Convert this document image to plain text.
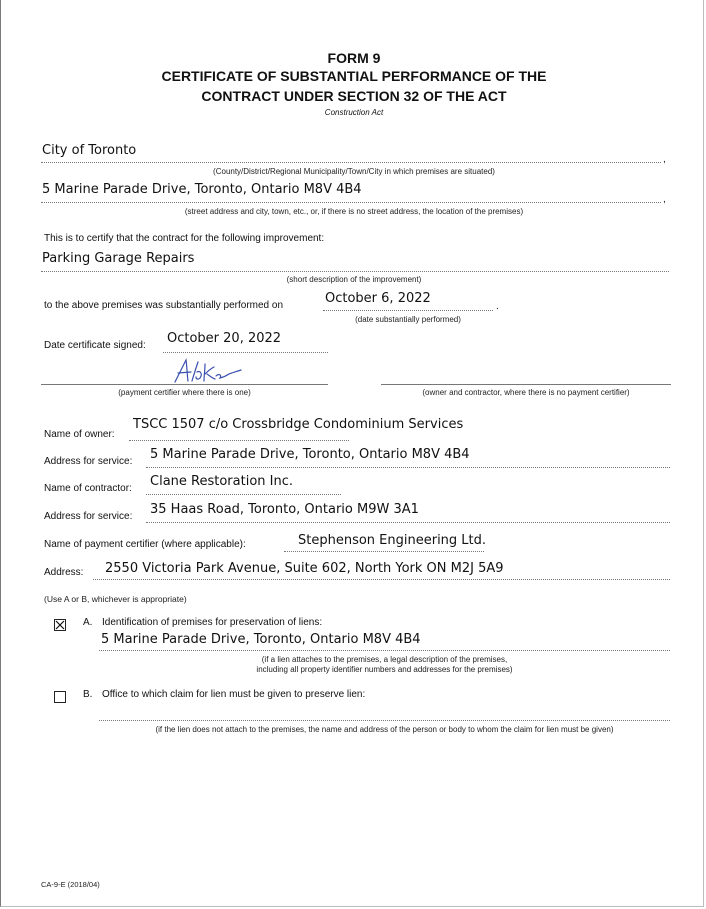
FORM 9
CERTIFICATE OF SUBSTANTIAL PERFORMANCE OF THE
CONTRACT UNDER SECTION 32 OF THE ACT
Construction Act
City of Toronto
,
(County/District/Regional Municipality/Town/City in which premises are situated)
5 Marine Parade Drive, Toronto, Ontario M8V 4B4
,
(street address and city, town, etc., or, if there is no street address, the location of the premises)
This is to certify that the contract for the following improvement:
Parking Garage Repairs
(short description of the improvement)
to the above premises was substantially performed on	October 6, 2022
.
(date substantially performed)
Date certificate signed: October 20, 2022
(payment certifier where there is one)	(owner and contractor, where there is no payment certifier)
Name of owner:
TSCC 1507 c/o Crossbridge Condominium Services
Address for service: 5 Marine Parade Drive, Toronto, Ontario M8V 4B4
Name of contractor: Clane Restoration Inc.
Address for service: 35 Haas Road, Toronto, Ontario M9W 3A1
Name of payment certifier (where applicable):	Stephenson Engineering Ltd.
Address: 2550 Victoria Park Avenue, Suite 602, North York ON M2J 5A9
(Use A or B, whichever is appropriate)
A. Identification of premises for preservation of liens:
5 Marine Parade Drive, Toronto, Ontario M8V 4B4
(if a lien attaches to the premises, a legal description of the premises,
including all property identifier numbers and addresses for the premises)
B. Office to which claim for lien must be given to preserve lien:
(if the lien does not attach to the premises, the name and address of the person or body to whom the claim for lien must be given)
CA-9-E (2018/04)
